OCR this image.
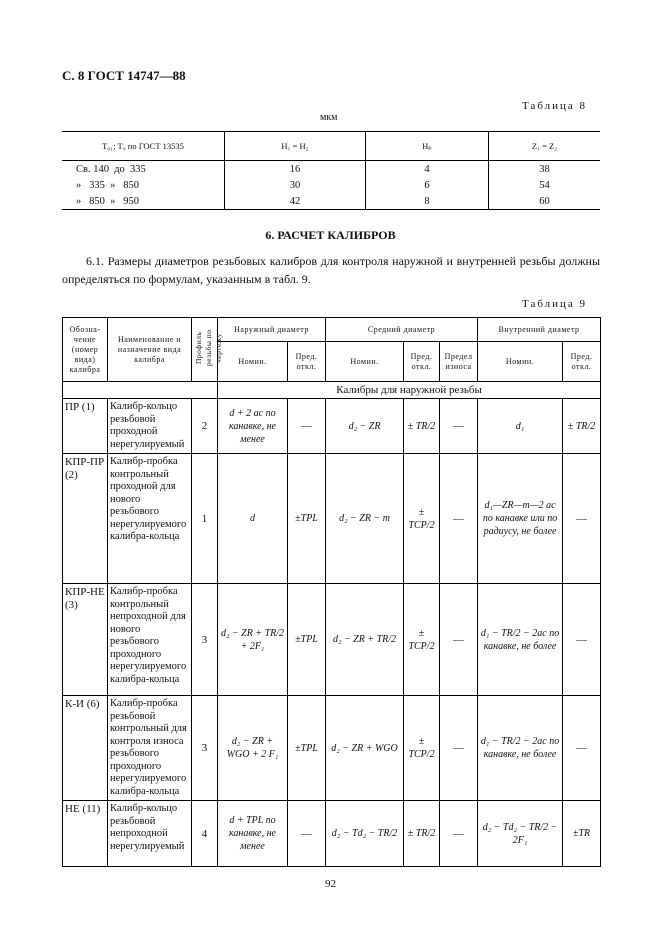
С. 8 ГОСТ 14747—88
Таблица 8
мкм
T₀₁; T₉ по ГОСТ 13535	H₁ = H₂	Hₚ	Z₁ = Z₂
Св. 140  до  335	16	4	38
»   335  »   850	30	6	54
»   850  »   950	42	8	60
6. РАСЧЕТ КАЛИБРОВ

6.1. Размеры диаметров резьбовых калибров для контроля наружной и внутренней резьбы должны определяться по формулам, указанным в табл. 9.

Таблица 9
Обозна-чение (номер вида) калибра	Наименование и назначение вида калибра	Профиль резьбы по чертежу	Наружный диаметр		Средний диаметр			Внутренний диаметр	
			Номин.	Пред. откл.	Номин.	Пред. откл.	Предел износа	Номин.	Пред. откл.
			Калибры для наружной резьбы						
ПР (1)	Калибр-кольцо резьбовой проходной нерегулируемый	2	d + 2 aс по канавке, не менее	—	d₂ − ZR	± TR/2	—	d₁	± TR/2
КПР-ПР (2)	Калибр-пробка контрольный проходной для нового резьбового нерегулируемого калибра-кольца	1	d	±TPL	d₂ − ZR − m	± TCP/2	—	d₁—ZR—m—2 aс по канавке или по радиусу, не более	—
КПР-НЕ (3)	Калибр-пробка контрольный непроходной для нового резьбового проходного нерегулируемого калибра-кольца	3	d₂ − ZR + TR/2 + 2F₁	±TPL	d₂ − ZR + TR/2	± TCP/2	—	d₁ − TR/2 − 2aс по канавке, не более	—
К-И (6)	Калибр-пробка резьбовой контрольный для контроля износа резьбового проходного нерегулируемого калибра-кольца	3	d₂ − ZR + WGO + 2 F₁	±TPL	d₂ − ZR + WGO	± TCP/2	—	d₁ − TR/2 − 2aс по канавке, не более	—
НЕ (11)	Калибр-кольцо резьбовой непроходной нерегулируемый	4	d + TPL по канавке, не менее	—	d₂ − Td₂ − TR/2	± TR/2	—	d₂ − Td₂ − TR/2 − 2F₁	±TR
92
